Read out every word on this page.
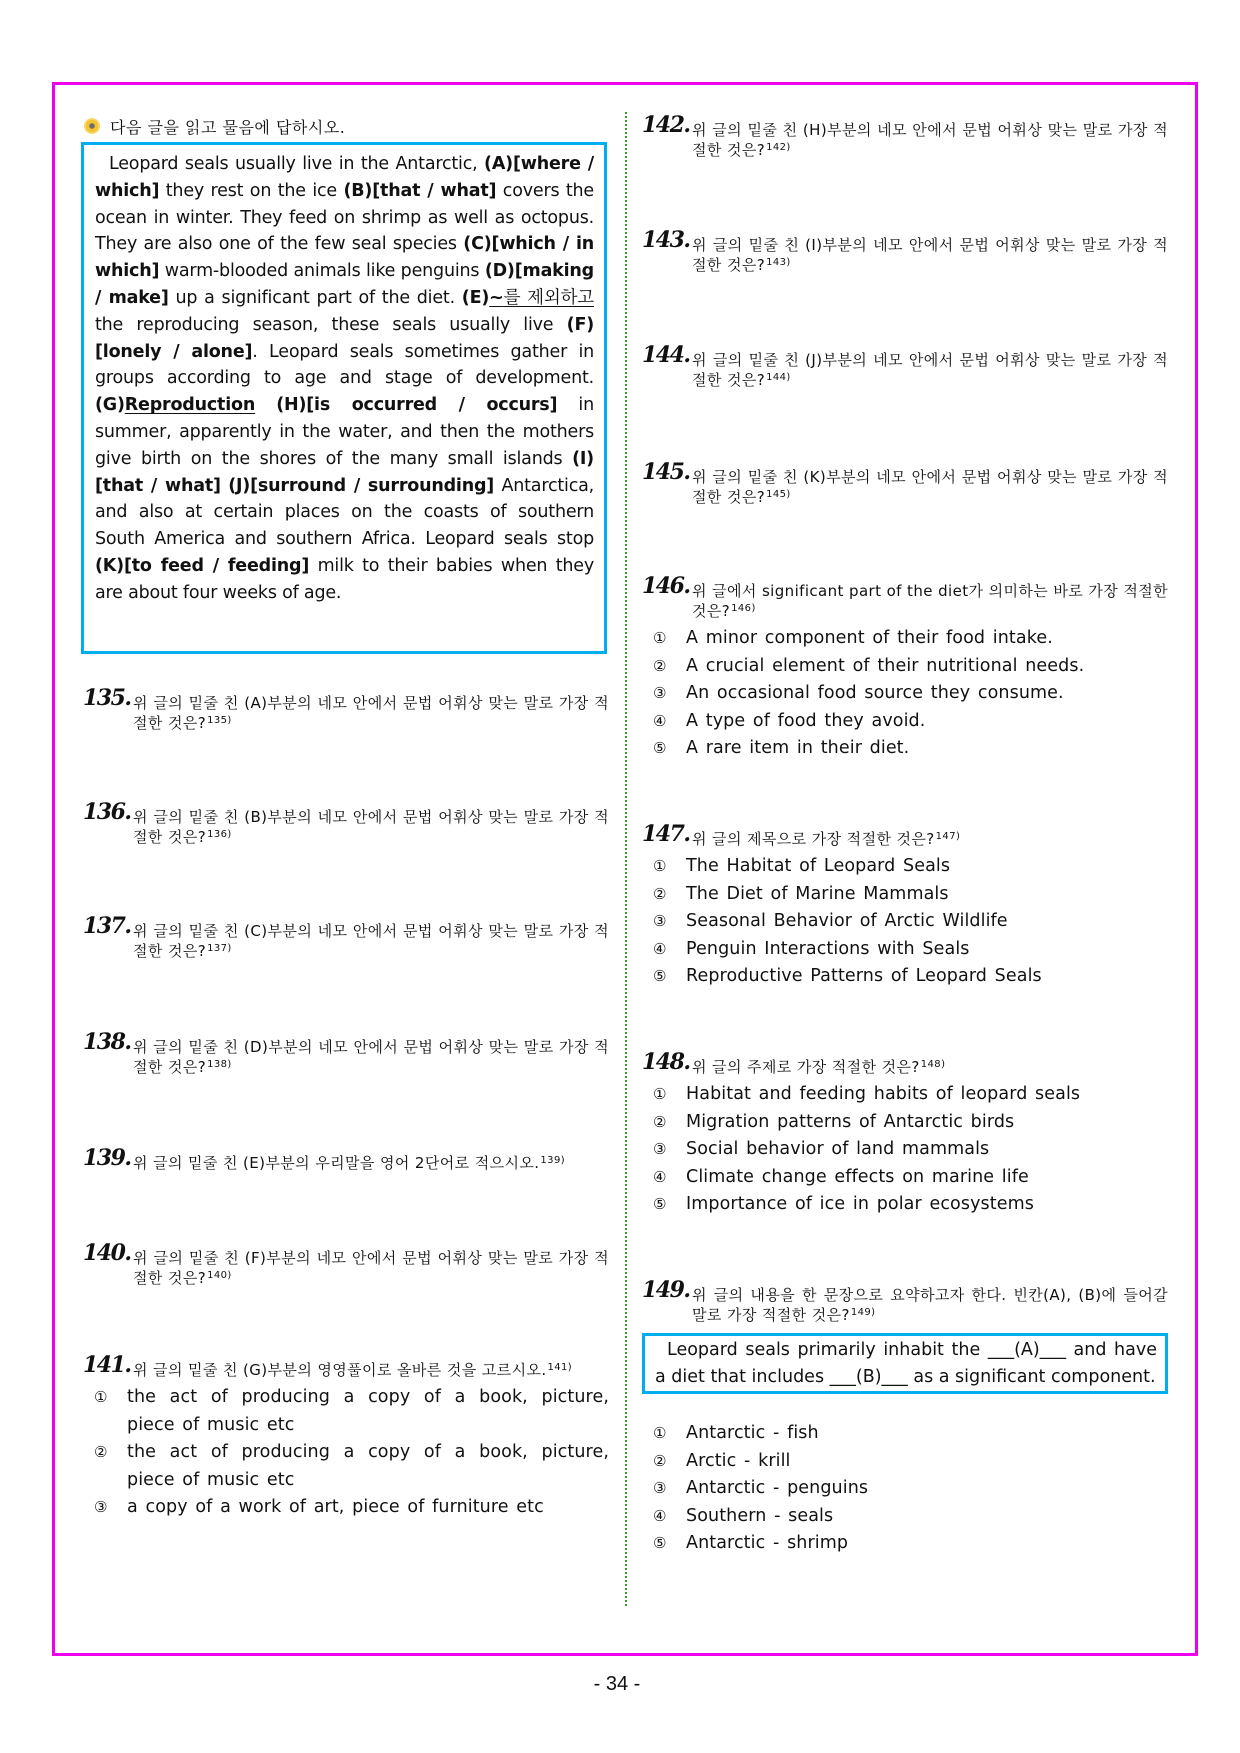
다음 글을 읽고 물음에 답하시오.

Leopard seals usually live in the Antarctic, (A)[where / which] they rest on the ice (B)[that / what] covers the ocean in winter. They feed on shrimp as well as octopus. They are also one of the few seal species (C)[which / in which] warm-blooded animals like penguins (D)[making / make] up a significant part of the diet. (E)~를 제외하고 the reproducing season, these seals usually live (F)[lonely / alone]. Leopard seals sometimes gather in groups according to age and stage of development. (G)Reproduction (H)[is occurred / occurs] in summer, apparently in the water, and then the mothers give birth on the shores of the many small islands (I)[that / what] (J)[surround / surrounding] Antarctica, and also at certain places on the coasts of southern South America and southern Africa. Leopard seals stop (K)[to feed / feeding] milk to their babies when they are about four weeks of age.

135. 위 글의 밑줄 친 (A)부분의 네모 안에서 문법 어휘상 맞는 말로 가장 적절한 것은?$^{135)}$
136. 위 글의 밑줄 친 (B)부분의 네모 안에서 문법 어휘상 맞는 말로 가장 적절한 것은?$^{136)}$
137. 위 글의 밑줄 친 (C)부분의 네모 안에서 문법 어휘상 맞는 말로 가장 적절한 것은?$^{137)}$
138. 위 글의 밑줄 친 (D)부분의 네모 안에서 문법 어휘상 맞는 말로 가장 적절한 것은?$^{138)}$
139. 위 글의 밑줄 친 (E)부분의 우리말을 영어 2단어로 적으시오.$^{139)}$
140. 위 글의 밑줄 친 (F)부분의 네모 안에서 문법 어휘상 맞는 말로 가장 적절한 것은?$^{140)}$
141. 위 글의 밑줄 친 (G)부분의 영영풀이로 올바른 것을 고르시오.$^{141)}$
① the act of producing a copy of a book, picture, piece of music etc
② the act of producing a copy of a book, picture, piece of music etc
③ a copy of a work of art, piece of furniture etc
142. 위 글의 밑줄 친 (H)부분의 네모 안에서 문법 어휘상 맞는 말로 가장 적절한 것은?$^{142)}$
143. 위 글의 밑줄 친 (I)부분의 네모 안에서 문법 어휘상 맞는 말로 가장 적절한 것은?$^{143)}$
144. 위 글의 밑줄 친 (J)부분의 네모 안에서 문법 어휘상 맞는 말로 가장 적절한 것은?$^{144)}$
145. 위 글의 밑줄 친 (K)부분의 네모 안에서 문법 어휘상 맞는 말로 가장 적절한 것은?$^{145)}$
146. 위 글에서 significant part of the diet가 의미하는 바로 가장 적절한 것은?$^{146)}$
① A minor component of their food intake.
② A crucial element of their nutritional needs.
③ An occasional food source they consume.
④ A type of food they avoid.
⑤ A rare item in their diet.
147. 위 글의 제목으로 가장 적절한 것은?$^{147)}$
① The Habitat of Leopard Seals
② The Diet of Marine Mammals
③ Seasonal Behavior of Arctic Wildlife
④ Penguin Interactions with Seals
⑤ Reproductive Patterns of Leopard Seals
148. 위 글의 주제로 가장 적절한 것은?$^{148)}$
① Habitat and feeding habits of leopard seals
② Migration patterns of Antarctic birds
③ Social behavior of land mammals
④ Climate change effects on marine life
⑤ Importance of ice in polar ecosystems
149. 위 글의 내용을 한 문장으로 요약하고자 한다. 빈칸(A), (B)에 들어갈 말로 가장 적절한 것은?$^{149)}$
Leopard seals primarily inhabit the ___(A)___ and have a diet that includes ___(B)___ as a significant component.
① Antarctic - fish
② Arctic - krill
③ Antarctic - penguins
④ Southern - seals
⑤ Antarctic - shrimp
- 34 -
